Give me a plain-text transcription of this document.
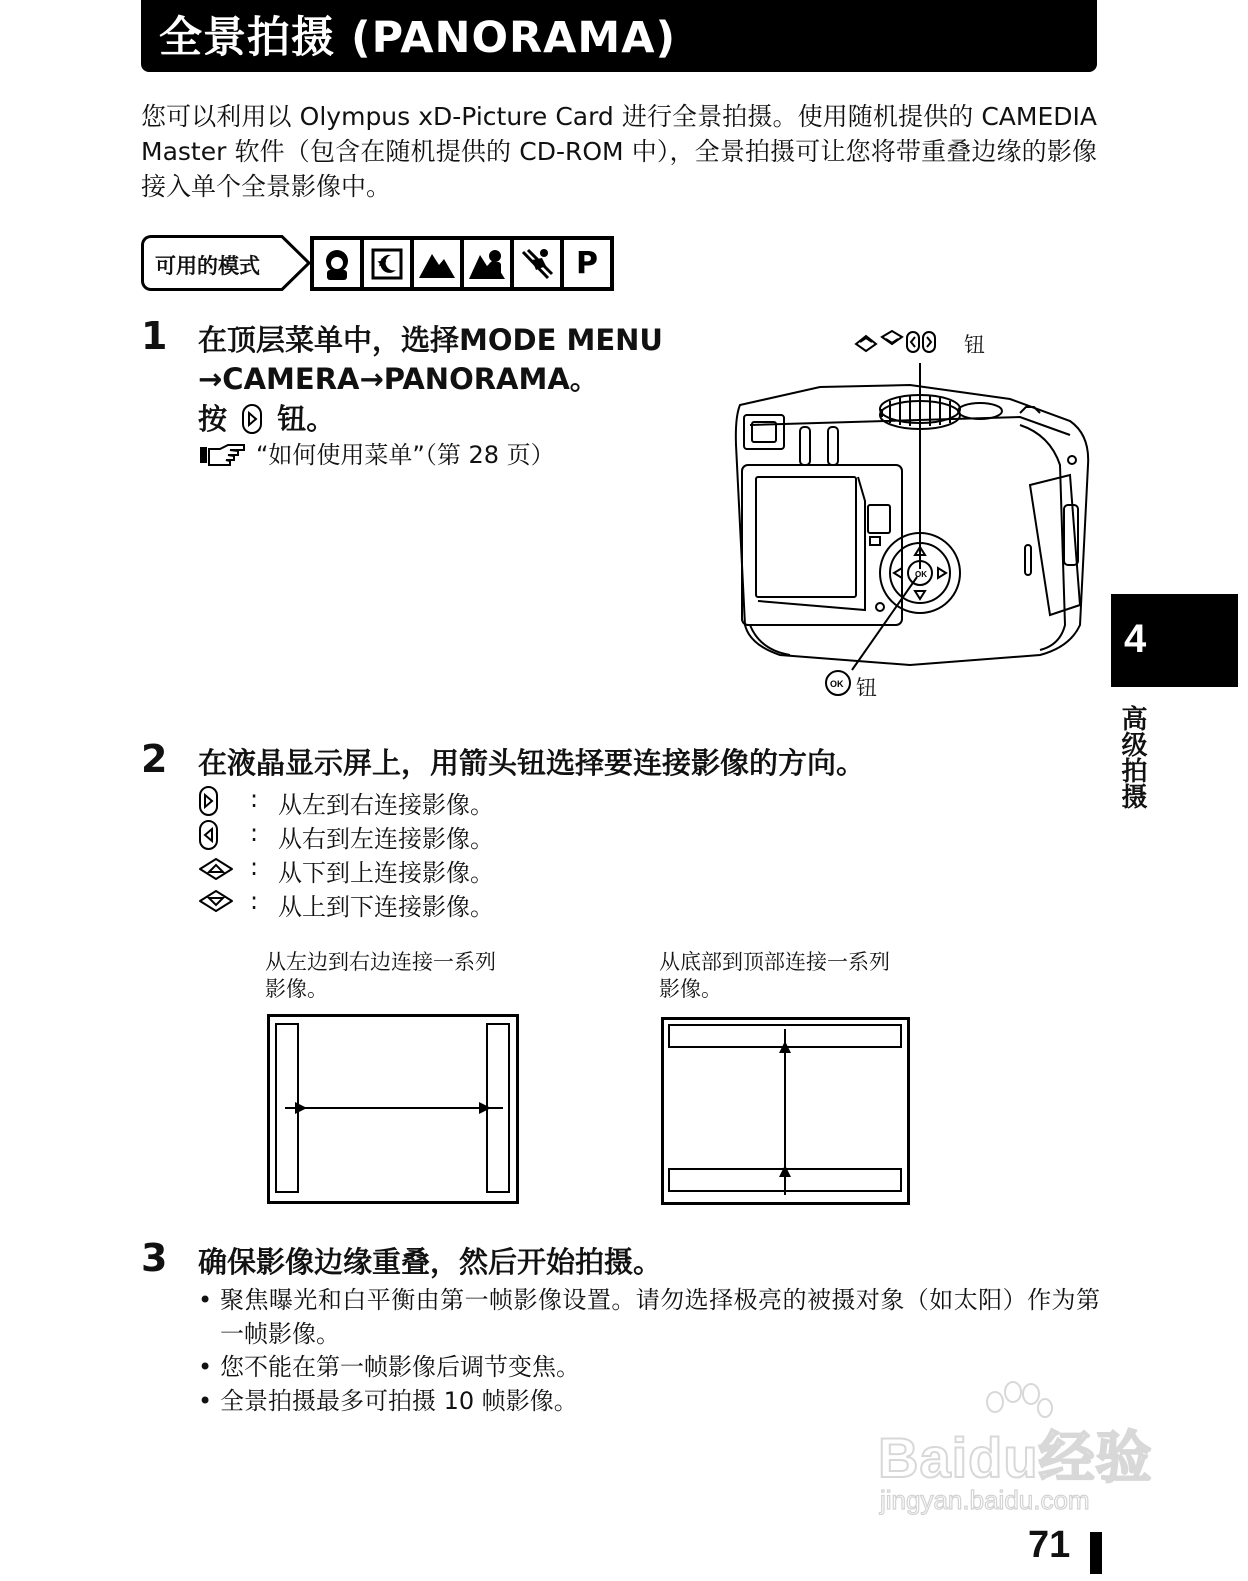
全景拍摄 (PANORAMA)
您可以利用以 Olympus xD-Picture Card 进行全景拍摄。使用随机提供的 CAMEDIA Master 软件（包含在随机提供的 CD-ROM 中），全景拍摄可让您将带重叠边缘的影像接入单个全景影像中。
可用的模式	P
1 在顶层菜单中，选择MODE MENU
→CAMERA→PANORAMA。
按 钮。
“如何使用菜单”（第 28 页）
OK
OK
钮
钮
2 在液晶显示屏上，用箭头钮选择要连接影像的方向。
: 从左到右连接影像。
: 从右到左连接影像。
: 从下到上连接影像。
: 从上到下连接影像。
从左边到右边连接一系列
影像。
从底部到顶部连接一系列
影像。
3 确保影像边缘重叠，然后开始拍摄。
• 聚焦曝光和白平衡由第一帧影像设置。请勿选择极亮的被摄对象（如太阳）作为第一帧影像。
• 您不能在第一帧影像后调节变焦。
• 全景拍摄最多可拍摄 10 帧影像。
4
高级拍摄
Baidu经验
jingyan.baidu.com
71
